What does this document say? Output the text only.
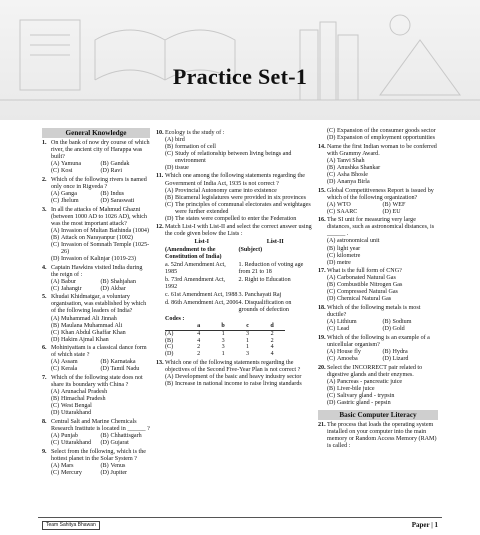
Practice Set-1
General Knowledge
1. On the bank of now dry course of which river, the ancient city of Harappa was built?
(A) Yamuna	(B) Gandak
(C) Kosi	(D) Ravi
2. Which of the following rivers is named only once in Rigveda ?
(A) Ganga	(B) Indus
(C) Jhelum	(D) Saraswati
3. In all the attacks of Mahmud Ghazni (between 1000 AD to 1026 AD), which was the most important attack?
(A) Invasion of Multan Bathinda (1004)
(B) Attack on Narayanpur (1002)
(C) Invasion of Somnath Temple (1025-26)
(D) Invasion of Kalinjar (1019-23)
4. Captain Hawkins visited India during the reign of :
(A) Babur	(B) Shahjahan
(C) Jahangir	(D) Akbar
5. Khudai Khidmatgar, a voluntary organisation, was established by which of the following leaders of India?
(A) Muhammad Ali Jinnah
(B) Maulana Muhammad Ali
(C) Khan Abdul Ghaffar Khan
(D) Hakim Ajmal Khan
6. Mohiniyattam is a classical dance form of which state ?
(A) Assam	(B) Karnataka
(C) Kerala	(D) Tamil Nadu
7. Which of the following state does not share its boundary with China ?
(A) Arunachal Pradesh
(B) Himachal Pradesh
(C) West Bengal
(D) Uttarakhand
8. Central Salt and Marine Chemicals Research Institute is located in ______ ?
(A) Punjab	(B) Chhattisgarh
(C) Uttarakhand	(D) Gujarat
9. Select from the following, which is the hottest planet in the Solar System ?
(A) Mars	(B) Venus
(C) Mercury	(D) Jupiter
10. Ecology is the study of :
(A) bird
(B) formation of cell
(C) Study of relationship between living beings and environment
(D) tissue
11. Which one among the following statements regarding the Government of India Act, 1935 is not correct ?
(A) Provincial Autonomy came into existence
(B) Bicameral legislatures were provided in six provinces
(C) The principles of communal electorates and weightages were further extended
(D) The states were compelled to enter the Federation
12. Match List-I with List-II and select the correct answer using the code given below the Lists :
List-I	List-II
(Amendment to the Constitution of India)
(Subject)
a. 52nd Amendment Act, 1985
1. Reduction of voting age from 21 to 18
b. 73rd Amendment Act, 1992
2. Right to Education
c. 61st Amendment Act, 1988 3. Panchayati Raj
d. 86th Amendment Act, 2006 4. Disqualification on grounds of defection
Codes :
	a	b	c	d
(A)	4	1	3	2
(B)	4	3	1	2
(C)	2	3	1	4
(D)	2	1	3	4
13. Which one of the following statements regarding the objectives of the Second Five-Year Plan is not correct ?
(A) Development of the basic and heavy industry sector
(B) Increase in national income to raise living standards
(C) Expansion of the consumer goods sector
(D) Expansion of employment opportunities
14. Name the first Indian woman to be conferred with Grammy Award.
(A) Tanvi Shah
(B) Anushka Shankar
(C) Asha Bhosle
(D) Ananya Birla
15. Global Competitiveness Report is issued by which of the following organization?
(A) WTO	(B) WEF
(C) SAARC	(D) EU
16. The SI unit for measuring very large distances, such as astronomical distances, is ______ .
(A) astronomical unit
(B) light year
(C) kilometre
(D) metre
17. What is the full form of CNG?
(A) Carbonated Natural Gas
(B) Combustible Nitrogen Gas
(C) Compressed Natural Gas
(D) Chemical Natural Gas
18. Which of the following metals is most ductile?
(A) Lithium	(B) Sodium
(C) Lead	(D) Gold
19. Which of the following is an example of a unicellular organism?
(A) House fly	(B) Hydra
(C) Amoeba	(D) Lizard
20. Select the INCORRECT pair related to digestive glands and their enzymes.
(A) Pancreas - pancreatic juice
(B) Liver-bile juice
(C) Salivary gland - trypsin
(D) Gastric gland - pepsin
Basic Computer Literacy
21. The process that loads the operating system installed on your computer into the main memory or Random Access Memory (RAM) is called :
Team Sahitya Bhawan	Paper | 1
